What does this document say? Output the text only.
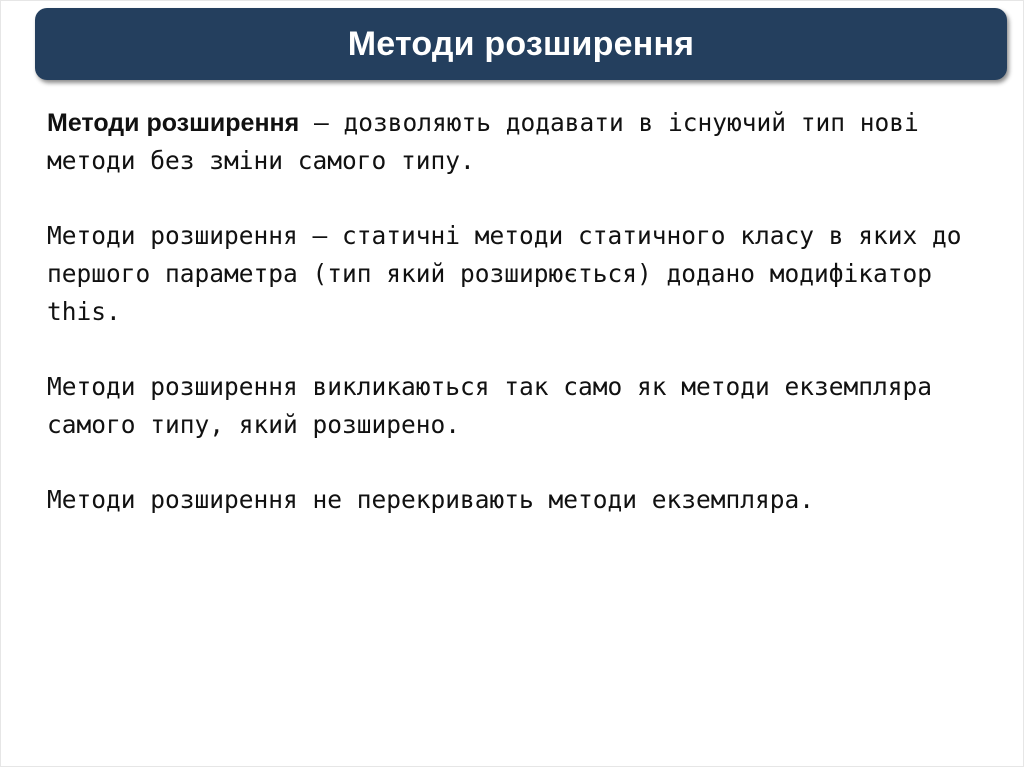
Методи розширення

Методи розширення – дозволяють додавати в існуючий тип нові методи без зміни самого типу.

Методи розширення – статичні методи статичного класу в яких до першого параметра (тип який розширюється) додано модифікатор this.

Методи розширення викликаються так само як методи екземпляра самого типу, який розширено.

Методи розширення не перекривають методи екземпляра.
